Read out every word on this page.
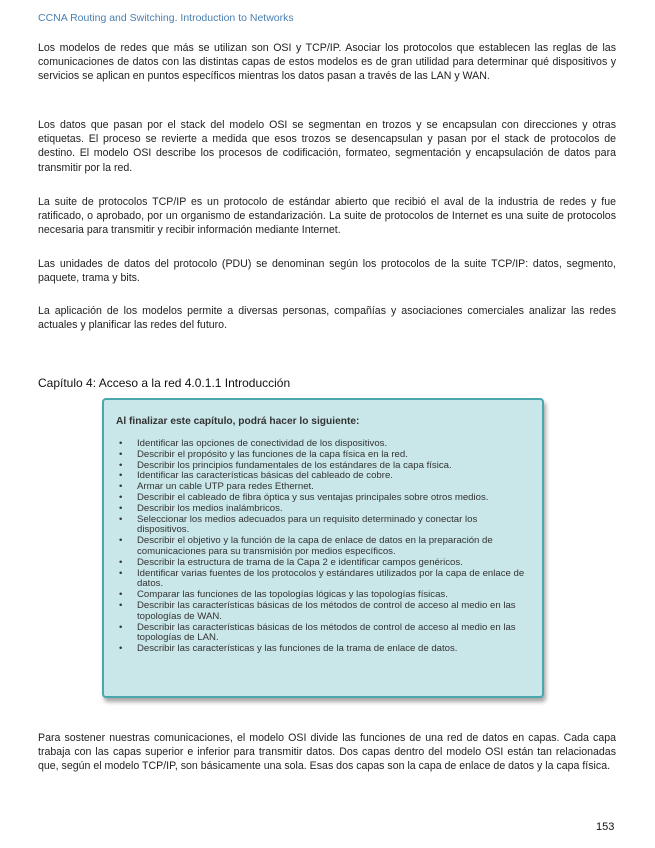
CCNA Routing and Switching. Introduction to Networks

Los modelos de redes que más se utilizan son OSI y TCP/IP. Asociar los protocolos que establecen las reglas de las comunicaciones de datos con las distintas capas de estos modelos es de gran utilidad para determinar qué dispositivos y servicios se aplican en puntos específicos mientras los datos pasan a través de las LAN y WAN.

Los datos que pasan por el stack del modelo OSI se segmentan en trozos y se encapsulan con direcciones y otras etiquetas. El proceso se revierte a medida que esos trozos se desencapsulan y pasan por el stack de protocolos de destino. El modelo OSI describe los procesos de codificación, formateo, segmentación y encapsulación de datos para transmitir por la red.

La suite de protocolos TCP/IP es un protocolo de estándar abierto que recibió el aval de la industria de redes y fue ratificado, o aprobado, por un organismo de estandarización. La suite de protocolos de Internet es una suite de protocolos necesaria para transmitir y recibir información mediante Internet.

Las unidades de datos del protocolo (PDU) se denominan según los protocolos de la suite TCP/IP: datos, segmento, paquete, trama y bits.

La aplicación de los modelos permite a diversas personas, compañías y asociaciones comerciales analizar las redes actuales y planificar las redes del futuro.

Capítulo 4: Acceso a la red 4.0.1.1 Introducción
Al finalizar este capítulo, podrá hacer lo siguiente:
• Identificar las opciones de conectividad de los dispositivos.
• Describir el propósito y las funciones de la capa física en la red.
• Describir los principios fundamentales de los estándares de la capa física.
• Identificar las características básicas del cableado de cobre.
• Armar un cable UTP para redes Ethernet.
• Describir el cableado de fibra óptica y sus ventajas principales sobre otros medios.
• Describir los medios inalámbricos.
• Seleccionar los medios adecuados para un requisito determinado y conectar los dispositivos.
• Describir el objetivo y la función de la capa de enlace de datos en la preparación de comunicaciones para su transmisión por medios específicos.
• Describir la estructura de trama de la Capa 2 e identificar campos genéricos.
• Identificar varias fuentes de los protocolos y estándares utilizados por la capa de enlace de datos.
• Comparar las funciones de las topologías lógicas y las topologías físicas.
• Describir las características básicas de los métodos de control de acceso al medio en las topologías de WAN.
• Describir las características básicas de los métodos de control de acceso al medio en las topologías de LAN.
• Describir las características y las funciones de la trama de enlace de datos.

Para sostener nuestras comunicaciones, el modelo OSI divide las funciones de una red de datos en capas. Cada capa trabaja con las capas superior e inferior para transmitir datos. Dos capas dentro del modelo OSI están tan relacionadas que, según el modelo TCP/IP, son básicamente una sola. Esas dos capas son la capa de enlace de datos y la capa física.

153
